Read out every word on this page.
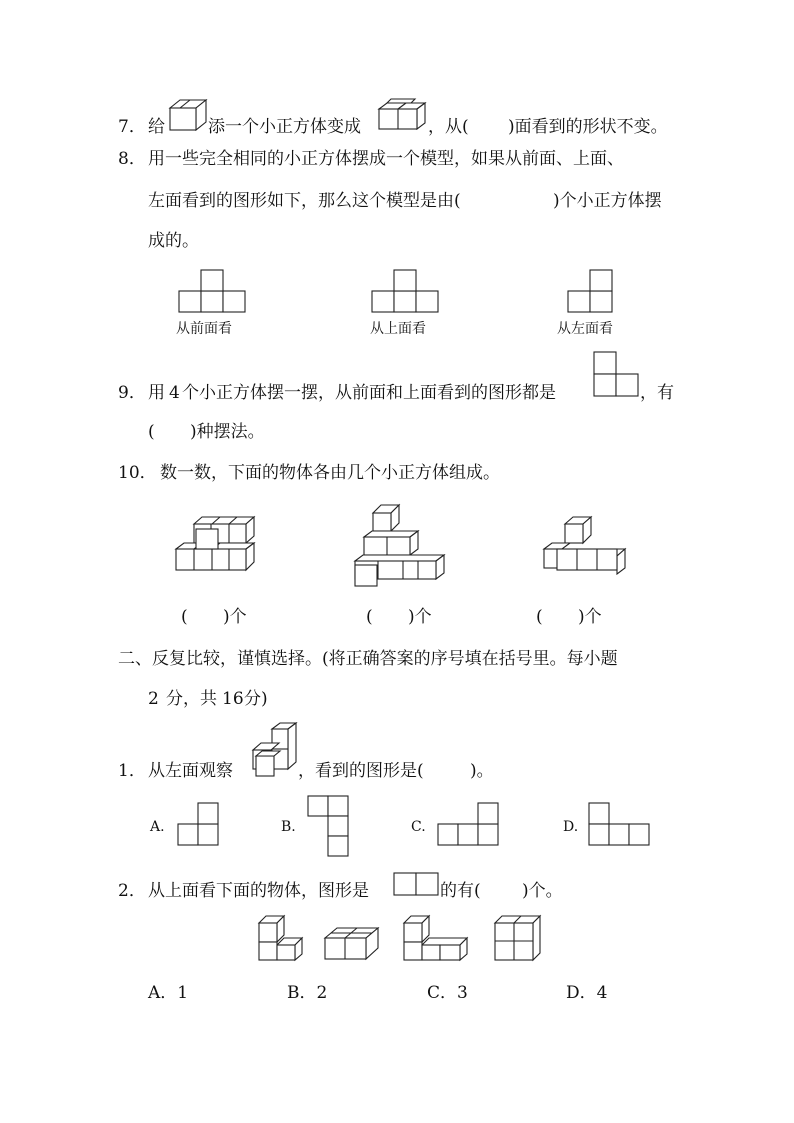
7． 给	添一个小正方体变成	，从( )面看到的形状不变。
8． 用一些完全相同的小正方体摆成一个模型，如果从前面、上面、
左面看到的图形如下，那么这个模型是由(	)个小正方体摆
成的。
从前面看	从上面看	从左面看
9． 用 4 个小正方体摆一摆，从前面和上面看到的图形都是	，有
( )种摆法。
10． 数一数，下面的物体各由几个小正方体组成。
( )个	( )个	( )个
二、反复比较，谨慎选择。(将正确答案的序号填在括号里。每小题
2 分，共 16 分)
1． 从左面观察	，看到的图形是(	)。
A.	B.	C.	D.
2． 从上面看下面的物体，图形是	的有( )个。
A．1	B．2	C．3	D．4
